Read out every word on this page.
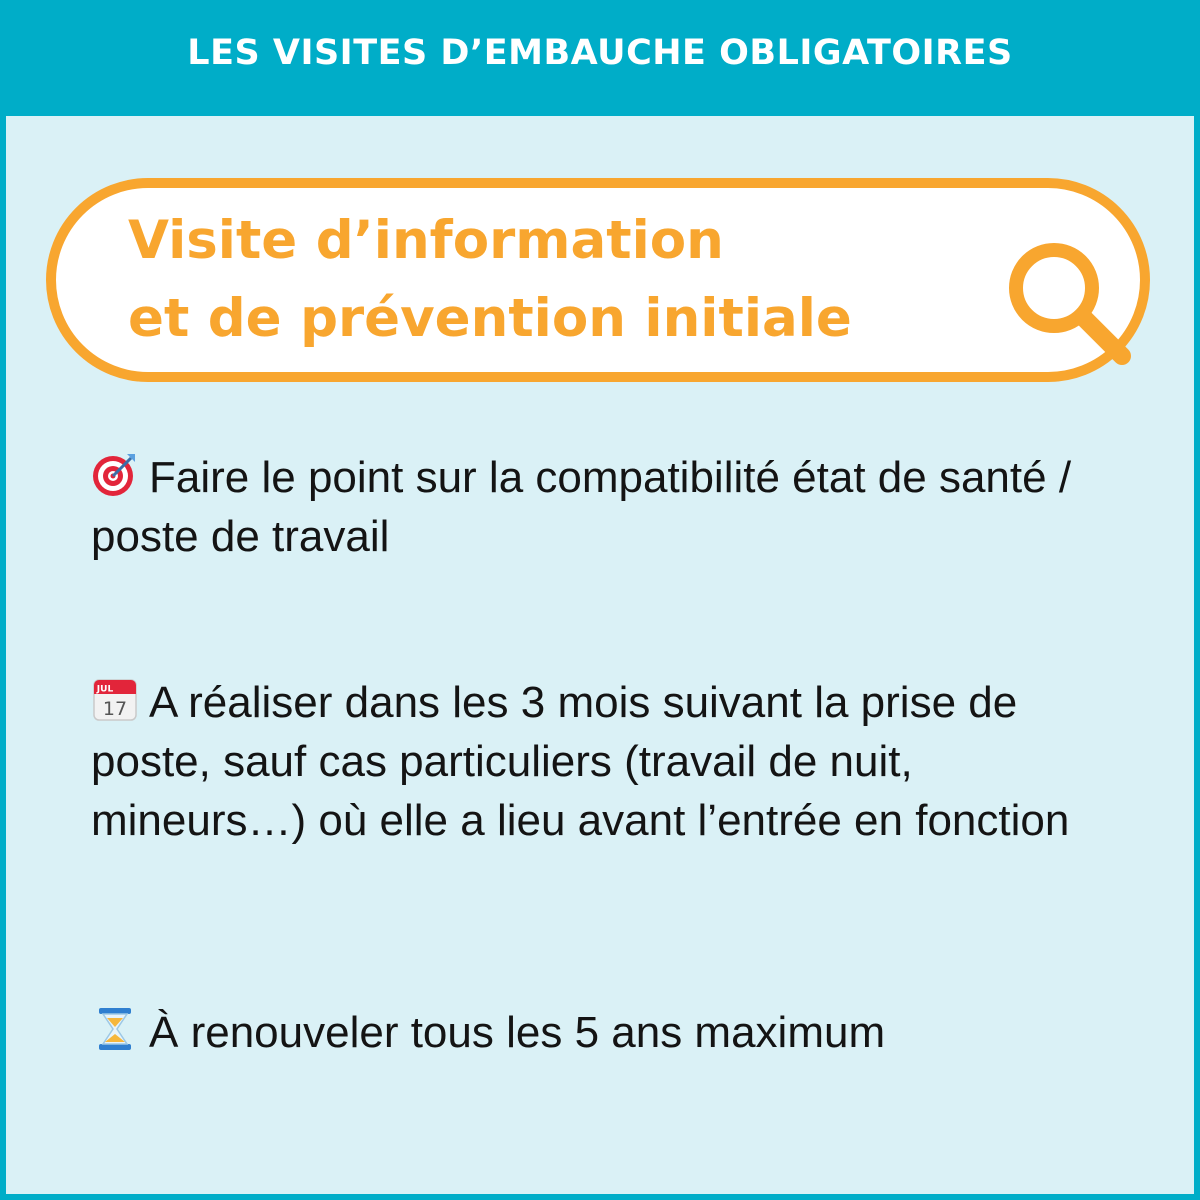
LES VISITES D’EMBAUCHE OBLIGATOIRES
Visite d’information
et de prévention initiale

Faire le point sur la compatibilité état de santé / poste de travail

JUL
17 A réaliser dans les 3 mois suivant la prise de poste, sauf cas particuliers (travail de nuit, mineurs…) où elle a lieu avant l’entrée en fonction

À renouveler tous les 5 ans maximum
